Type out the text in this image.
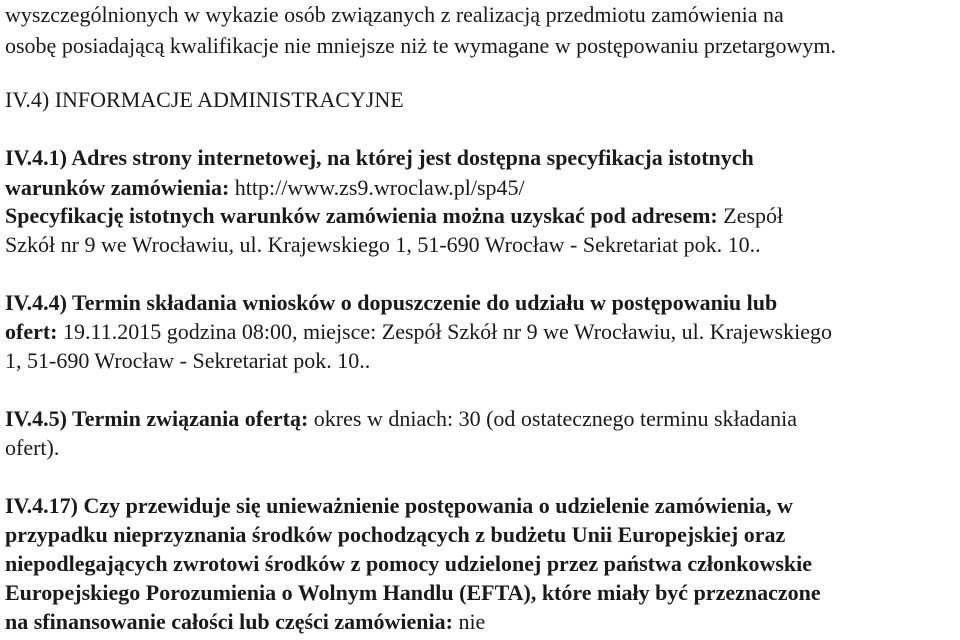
wyszczególnionych w wykazie osób związanych z realizacją przedmiotu zamówienia na
osobę posiadającą kwalifikacje nie mniejsze niż te wymagane w postępowaniu przetargowym.
IV.4) INFORMACJE ADMINISTRACYJNE
IV.4.1) Adres strony internetowej, na której jest dostępna specyfikacja istotnych
warunków zamówienia: http://www.zs9.wroclaw.pl/sp45/
Specyfikację istotnych warunków zamówienia można uzyskać pod adresem: Zespół
Szkół nr 9 we Wrocławiu, ul. Krajewskiego 1, 51-690 Wrocław - Sekretariat pok. 10..
IV.4.4) Termin składania wniosków o dopuszczenie do udziału w postępowaniu lub
ofert: 19.11.2015 godzina 08:00, miejsce: Zespół Szkół nr 9 we Wrocławiu, ul. Krajewskiego
1, 51-690 Wrocław - Sekretariat pok. 10..
IV.4.5) Termin związania ofertą: okres w dniach: 30 (od ostatecznego terminu składania
ofert).
IV.4.17) Czy przewiduje się unieważnienie postępowania o udzielenie zamówienia, w
przypadku nieprzyznania środków pochodzących z budżetu Unii Europejskiej oraz
niepodlegających zwrotowi środków z pomocy udzielonej przez państwa członkowskie
Europejskiego Porozumienia o Wolnym Handlu (EFTA), które miały być przeznaczone
na sfinansowanie całości lub części zamówienia: nie
